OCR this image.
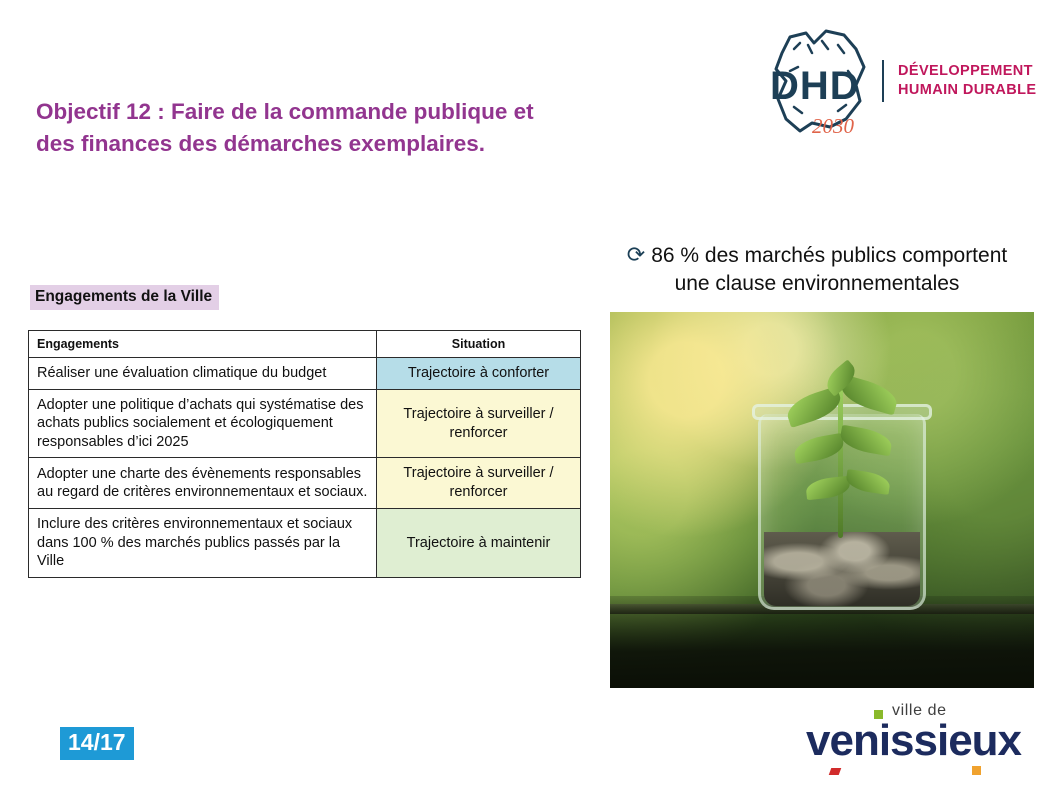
DHD
2030
DÉVELOPPEMENT
HUMAIN DURABLE
Objectif 12 : Faire de la commande publique et
des finances des démarches exemplaires.
Engagements de la Ville
Engagements	Situation
Réaliser une évaluation climatique du budget	Trajectoire à conforter
Adopter une politique d’achats qui systématise des achats publics socialement et écologiquement responsables d’ici 2025	Trajectoire à surveiller / renforcer
Adopter une charte des évènements responsables au regard de critères environnementaux et sociaux.	Trajectoire à surveiller / renforcer
Inclure des critères environnementaux et sociaux dans 100 % des marchés publics passés par la Ville	Trajectoire à maintenir
⟳ 86 % des marchés publics comportent
une clause environnementales
14/17
ville de
venissieux
